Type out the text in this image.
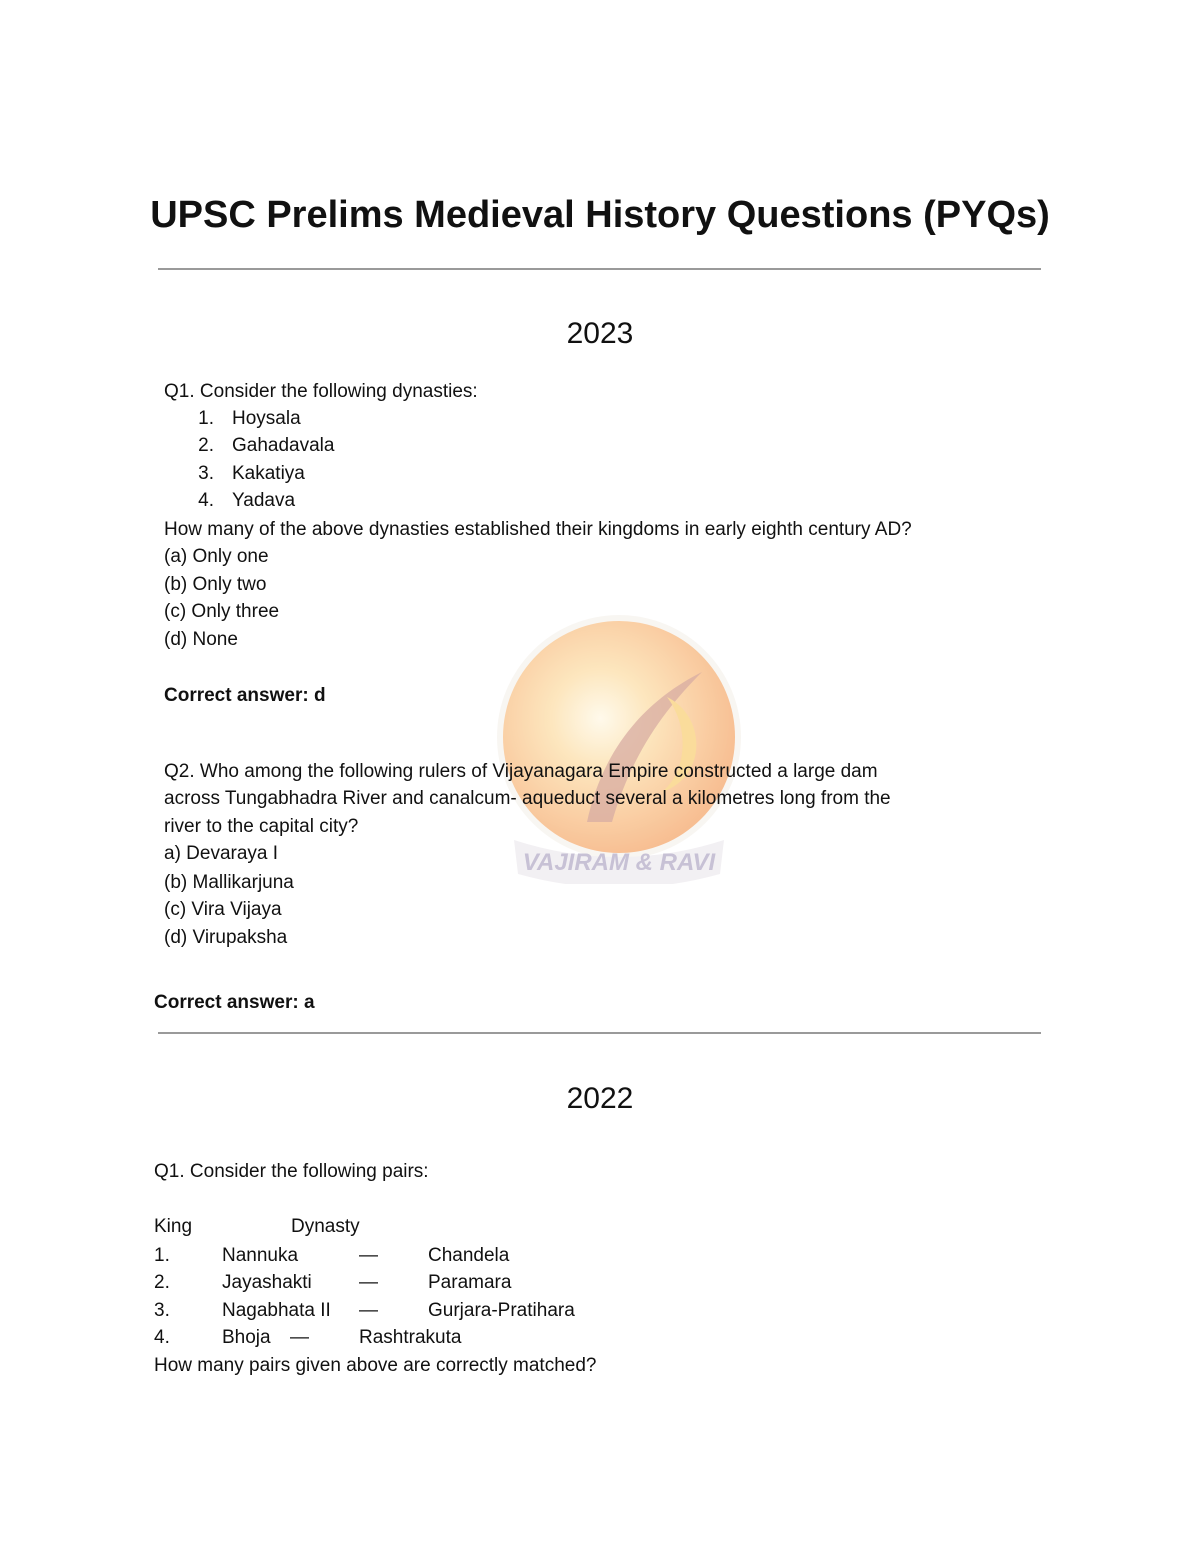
VAJIRAM & RAVI
UPSC Prelims Medieval History Questions (PYQs)
2023

Q1. Consider the following dynasties:

1. Hoysala
2. Gahadavala
3. Kakatiya
4. Yadava

How many of the above dynasties established their kingdoms in early eighth century AD?

(a) Only one

(b) Only two

(c) Only three

(d) None

Correct answer: d

Q2. Who among the following rulers of Vijayanagara Empire constructed a large dam

across Tungabhadra River and canalcum- aqueduct several a kilometres long from the

river to the capital city?

a) Devaraya I

(b) Mallikarjuna

(c) Vira Vijaya

(d) Virupaksha

Correct answer: a

2022

Q1. Consider the following pairs:

King	Dynasty
1.	Nannuka	—	Chandela
2.	Jayashakti —	Paramara
3.	Nagabhata II —	Gurjara-Pratihara
4.	Bhoja —	Rashtrakuta

How many pairs given above are correctly matched?
